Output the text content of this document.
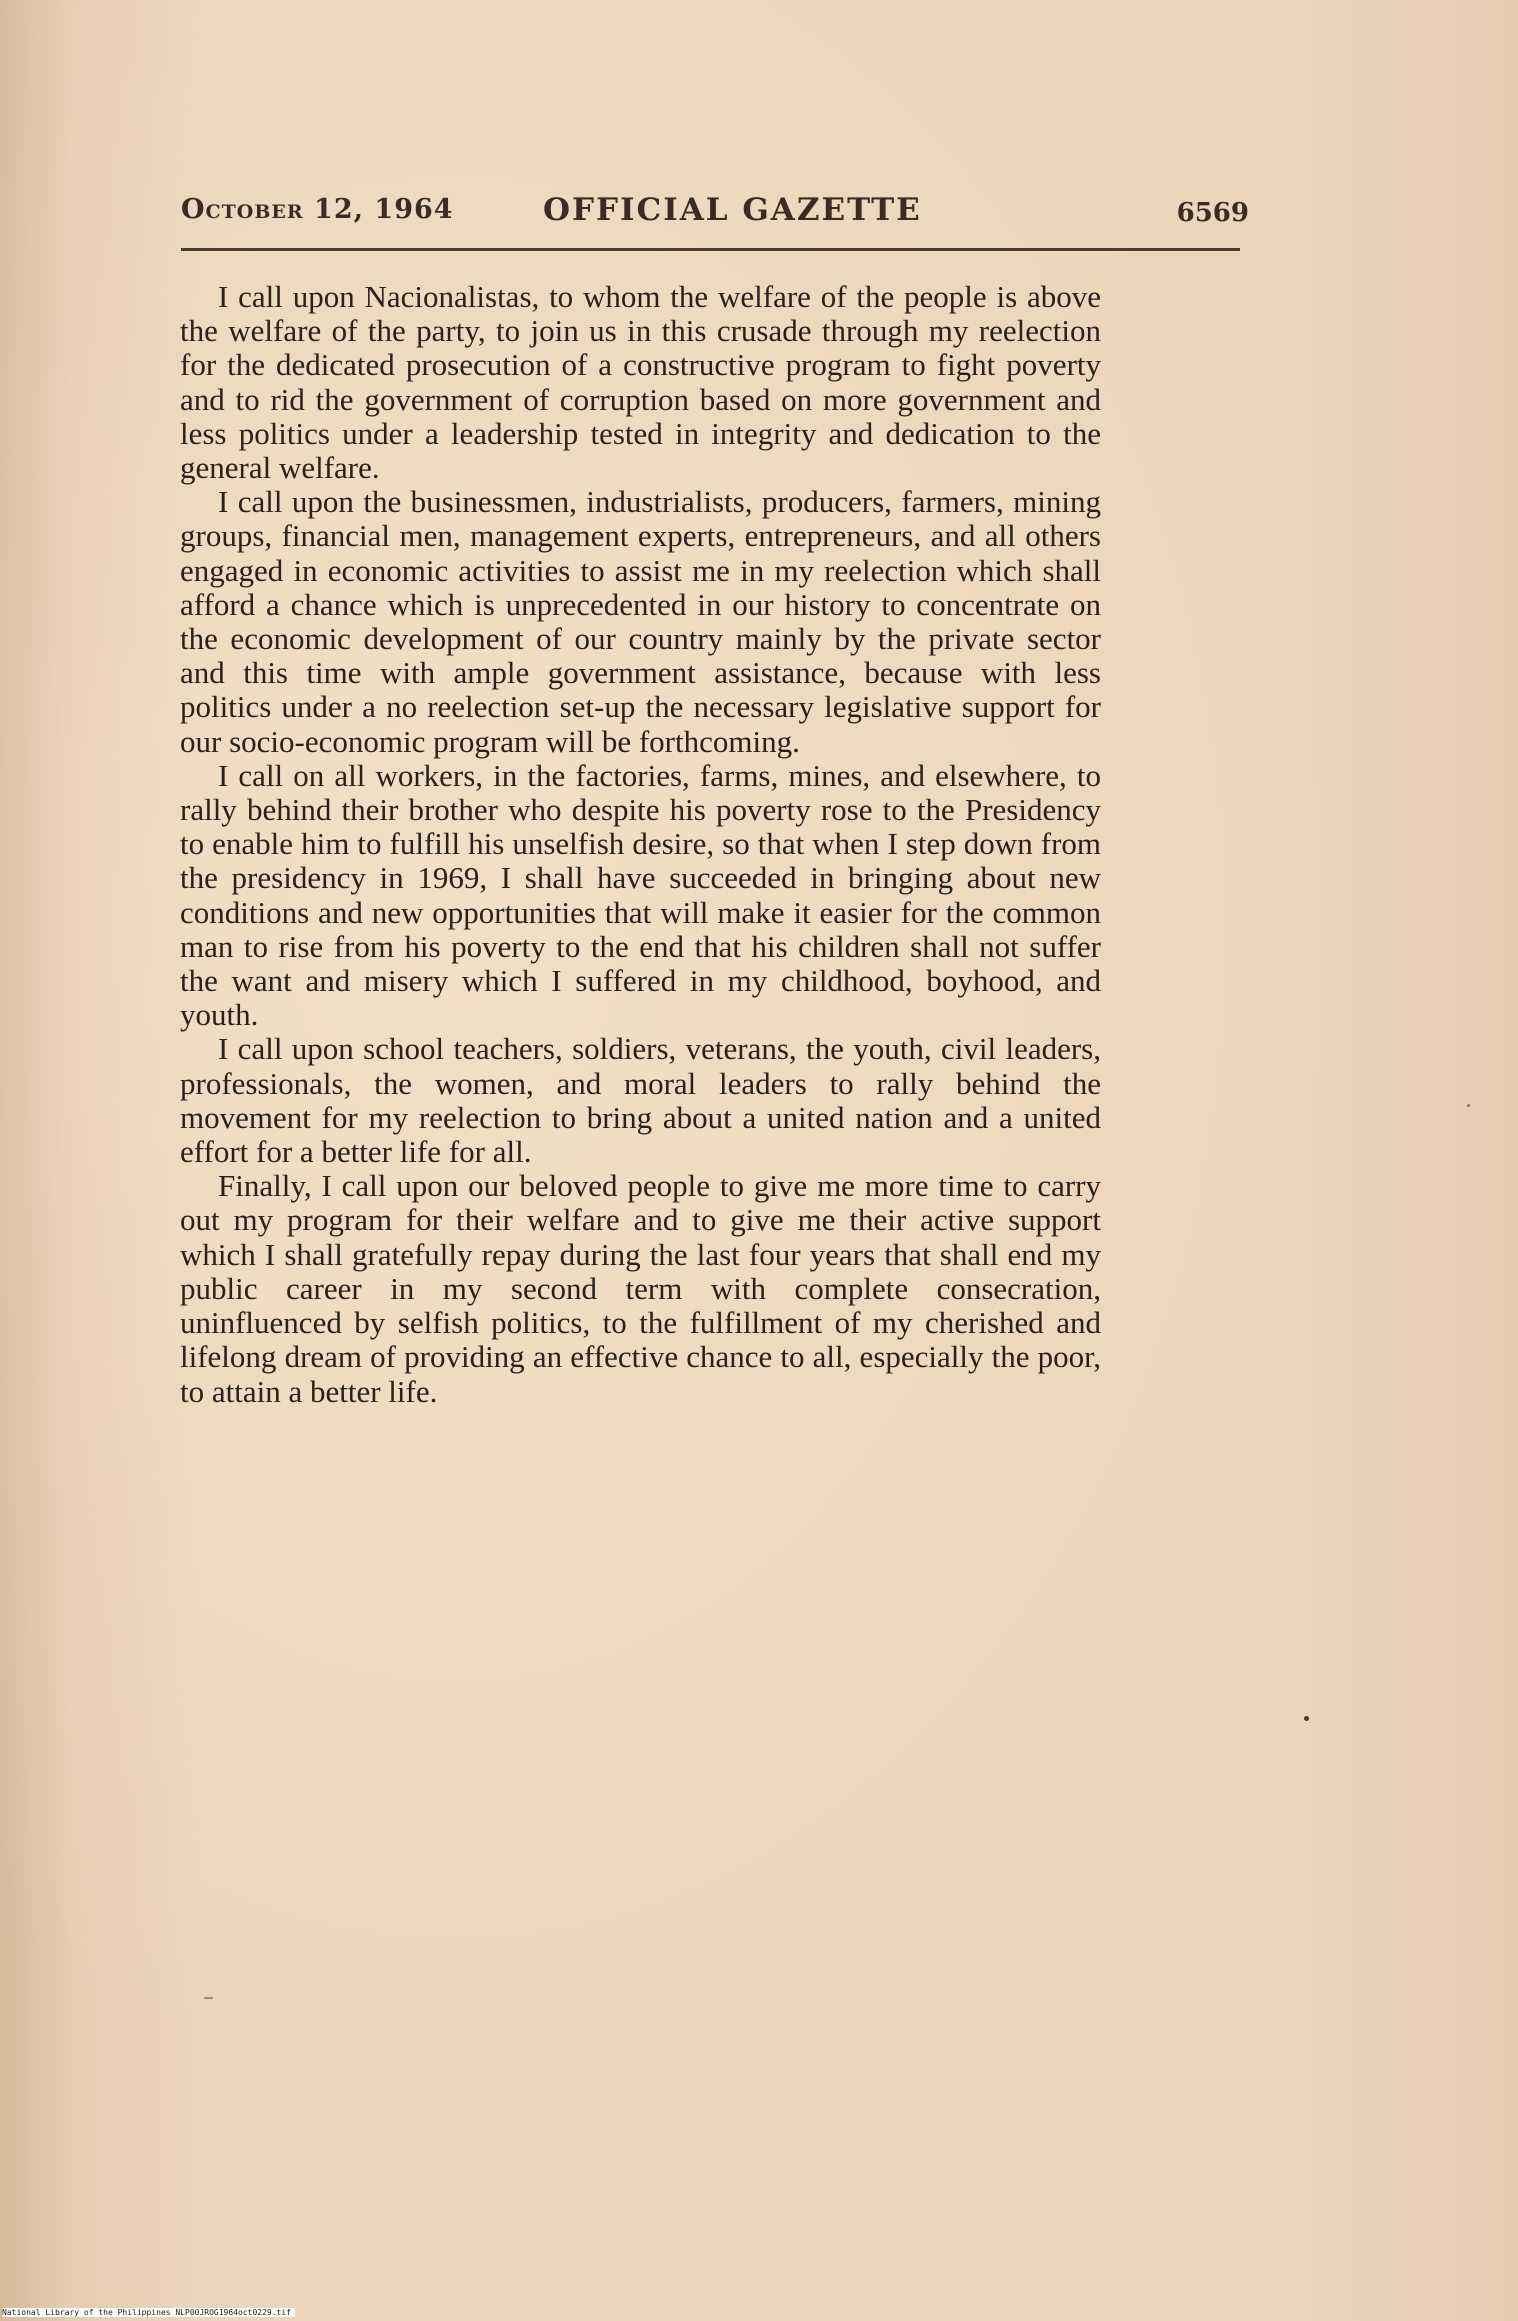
October 12, 1964	OFFICIAL GAZETTE	6569

I call upon Nacionalistas, to whom the welfare of the people is above the welfare of the party, to join us in this crusade through my reelection for the dedicated prosecution of a constructive program to fight poverty and to rid the government of corruption based on more government and less politics under a leadership tested in integrity and dedication to the general welfare.

I call upon the businessmen, industrialists, producers, farmers, mining groups, financial men, management experts, entrepreneurs, and all others engaged in economic activities to assist me in my reelection which shall afford a chance which is unprecedented in our history to concentrate on the economic development of our country mainly by the private sector and this time with ample government assistance, because with less politics under a no reelection set-up the necessary legislative support for our socio-economic program will be forthcoming.

I call on all workers, in the factories, farms, mines, and elsewhere, to rally behind their brother who despite his poverty rose to the Presidency to enable him to fulfill his unselfish desire, so that when I step down from the presidency in 1969, I shall have succeeded in bringing about new conditions and new opportunities that will make it easier for the common man to rise from his poverty to the end that his children shall not suffer the want and misery which I suffered in my childhood, boyhood, and youth.

I call upon school teachers, soldiers, veterans, the youth, civil leaders, professionals, the women, and moral leaders to rally behind the movement for my reelection to bring about a united nation and a united effort for a better life for all.

Finally, I call upon our beloved people to give me more time to carry out my program for their welfare and to give me their active support which I shall gratefully repay during the last four years that shall end my public career in my second term with complete consecration, uninfluenced by selfish politics, to the fulfillment of my cherished and lifelong dream of providing an effective chance to all, especially the poor, to attain a better life.

National Library of the Philippines NLP00JROG1964oct0229.tif
